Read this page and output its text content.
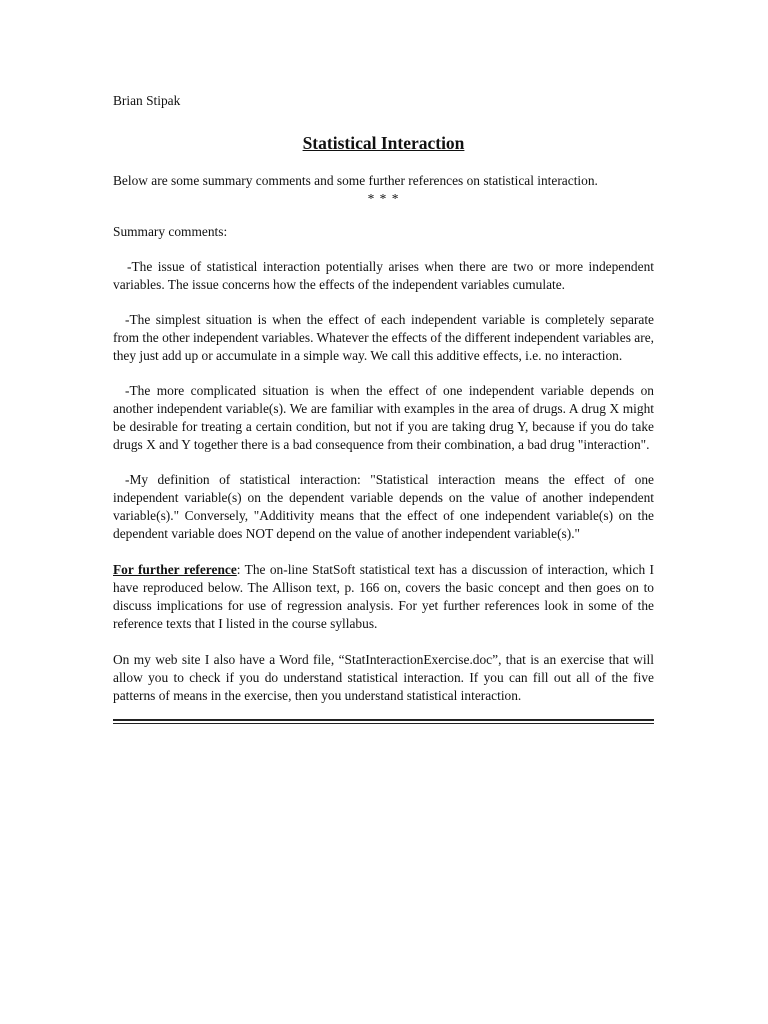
Brian Stipak

Statistical Interaction

Below are some summary comments and some further references on statistical interaction.

* * *

Summary comments:

-The issue of statistical interaction potentially arises when there are two or more independent variables. The issue concerns how the effects of the independent variables cumulate.

-The simplest situation is when the effect of each independent variable is completely separate from the other independent variables. Whatever the effects of the different independent variables are, they just add up or accumulate in a simple way. We call this additive effects, i.e. no interaction.

-The more complicated situation is when the effect of one independent variable depends on another independent variable(s). We are familiar with examples in the area of drugs. A drug X might be desirable for treating a certain condition, but not if you are taking drug Y, because if you do take drugs X and Y together there is a bad consequence from their combination, a bad drug "interaction".

-My definition of statistical interaction: "Statistical interaction means the effect of one independent variable(s) on the dependent variable depends on the value of another independent variable(s)." Conversely, "Additivity means that the effect of one independent variable(s) on the dependent variable does NOT depend on the value of another independent variable(s)."

For further reference: The on-line StatSoft statistical text has a discussion of interaction, which I have reproduced below. The Allison text, p. 166 on, covers the basic concept and then goes on to discuss implications for use of regression analysis. For yet further references look in some of the reference texts that I listed in the course syllabus.

On my web site I also have a Word file, “StatInteractionExercise.doc”, that is an exercise that will allow you to check if you do understand statistical interaction. If you can fill out all of the five patterns of means in the exercise, then you understand statistical interaction.
